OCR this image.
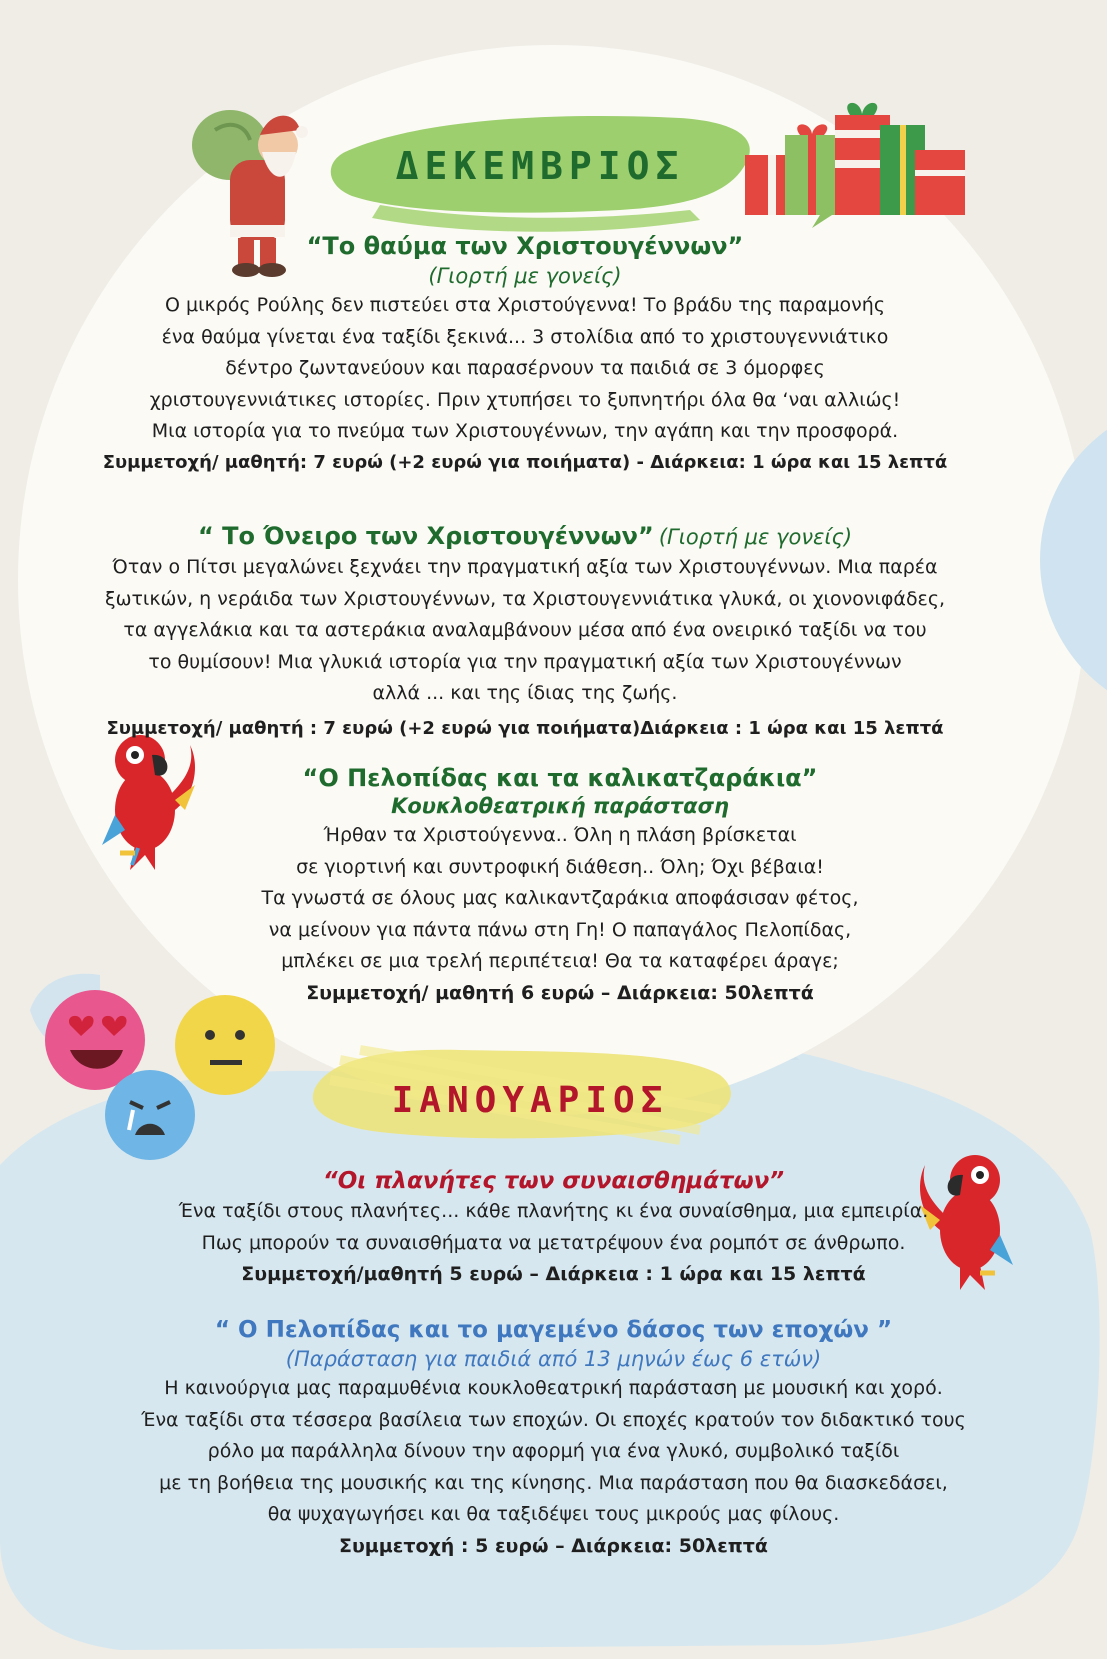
ΔΕΚΕΜΒΡΙΟΣ
“Το θαύμα των Χριστουγέννων”
(Γιορτή με γονείς)

Ο μικρός Ρούλης δεν πιστεύει στα Χριστούγεννα! Το βράδυ της παραμονής

ένα θαύμα γίνεται ένα ταξίδι ξεκινά... 3 στολίδια από το χριστουγεννιάτικο

δέντρο ζωντανεύουν και παρασέρνουν τα παιδιά σε 3 όμορφες

χριστουγεννιάτικες ιστορίες. Πριν χτυπήσει το ξυπνητήρι όλα θα ‘ναι αλλιώς!

Μια ιστορία για το πνεύμα των Χριστουγέννων, την αγάπη και την προσφορά.

Συμμετοχή/ μαθητή: 7 ευρώ (+2 ευρώ για ποιήματα) - Διάρκεια: 1 ώρα και 15 λεπτά
“ Το Όνειρο των Χριστουγέννων” (Γιορτή με γονείς)

Όταν ο Πίτσι μεγαλώνει ξεχνάει την πραγματική αξία των Χριστουγέννων. Μια παρέα

ξωτικών, η νεράιδα των Χριστουγέννων, τα Χριστουγεννιάτικα γλυκά, οι χιονονιφάδες,

τα αγγελάκια και τα αστεράκια αναλαμβάνουν μέσα από ένα ονειρικό ταξίδι να του

το θυμίσουν! Μια γλυκιά ιστορία για την πραγματική αξία των Χριστουγέννων

αλλά ... και της ίδιας της ζωής.

Συμμετοχή/ μαθητή : 7 ευρώ (+2 ευρώ για ποιήματα)Διάρκεια : 1 ώρα και 15 λεπτά
“Ο Πελοπίδας και τα καλικατζαράκια”
Κουκλοθεατρική παράσταση

Ήρθαν τα Χριστούγεννα.. Όλη η πλάση βρίσκεται

σε γιορτινή και συντροφική διάθεση.. Όλη; Όχι βέβαια!

Τα γνωστά σε όλους μας καλικαντζαράκια αποφάσισαν φέτος,

να μείνουν για πάντα πάνω στη Γη! Ο παπαγάλος Πελοπίδας,

μπλέκει σε μια τρελή περιπέτεια! Θα τα καταφέρει άραγε;

Συμμετοχή/ μαθητή 6 ευρώ – Διάρκεια: 50λεπτά
ΙΑΝΟΥΑΡΙΟΣ
“Οι πλανήτες των συναισθημάτων”

Ένα ταξίδι στους πλανήτες... κάθε πλανήτης κι ένα συναίσθημα, μια εμπειρία.

Πως μπορούν τα συναισθήματα να μετατρέψουν ένα ρομπότ σε άνθρωπο.

Συμμετοχή/μαθητή 5 ευρώ – Διάρκεια : 1 ώρα και 15 λεπτά
“ Ο Πελοπίδας και το μαγεμένο δάσος των εποχών ”
(Παράσταση για παιδιά από 13 μηνών έως 6 ετών)

Η καινούργια μας παραμυθένια κουκλοθεατρική παράσταση με μουσική και χορό.

Ένα ταξίδι στα τέσσερα βασίλεια των εποχών. Οι εποχές κρατούν τον διδακτικό τους

ρόλο μα παράλληλα δίνουν την αφορμή για ένα γλυκό, συμβολικό ταξίδι

με τη βοήθεια της μουσικής και της κίνησης. Μια παράσταση που θα διασκεδάσει,

θα ψυχαγωγήσει και θα ταξιδέψει τους μικρούς μας φίλους.

Συμμετοχή : 5 ευρώ – Διάρκεια: 50λεπτά
